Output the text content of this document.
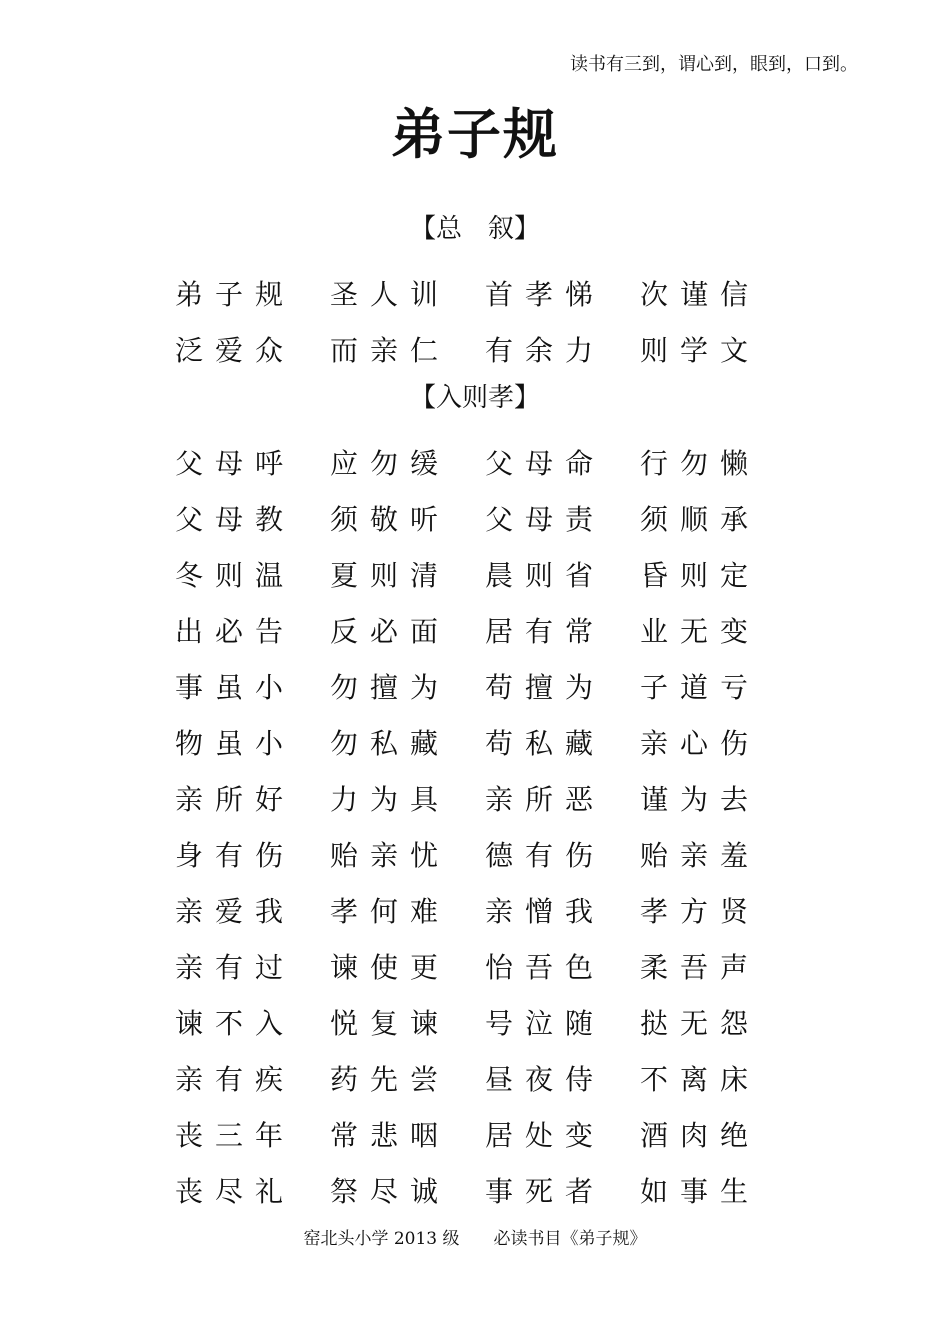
读书有三到，谓心到，眼到，口到。
弟子规
【总　叙】
弟子规	圣人训	首孝悌	次谨信
泛爱众	而亲仁	有余力	则学文
【入则孝】
父母呼	应勿缓	父母命	行勿懒
父母教	须敬听	父母责	须顺承
冬则温	夏则清	晨则省	昏则定
出必告	反必面	居有常	业无变
事虽小	勿擅为	苟擅为	子道亏
物虽小	勿私藏	苟私藏	亲心伤
亲所好	力为具	亲所恶	谨为去
身有伤	贻亲忧	德有伤	贻亲羞
亲爱我	孝何难	亲憎我	孝方贤
亲有过	谏使更	怡吾色	柔吾声
谏不入	悦复谏	号泣随	挞无怨
亲有疾	药先尝	昼夜侍	不离床
丧三年	常悲咽	居处变	酒肉绝
丧尽礼	祭尽诚	事死者	如事生
窑北头小学 2013 级　　必读书目《弟子规》
